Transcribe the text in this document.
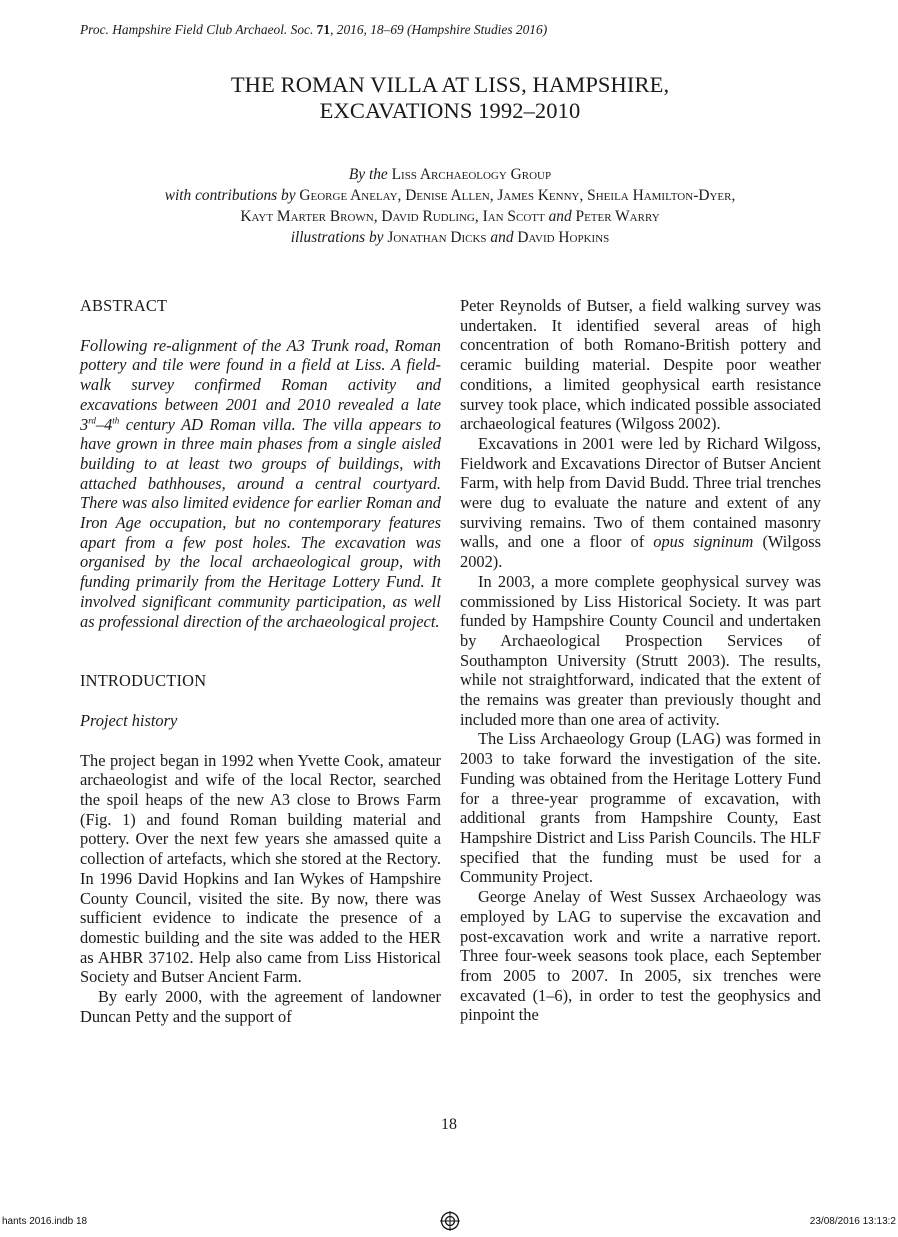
Proc. Hampshire Field Club Archaeol. Soc. 71, 2016, 18–69 (Hampshire Studies 2016)
THE ROMAN VILLA AT LISS, HAMPSHIRE,
EXCAVATIONS 1992–2010
By the Liss Archaeology Group
with contributions by George Anelay, Denise Allen, James Kenny, Sheila Hamilton-Dyer,
Kayt Marter Brown, David Rudling, Ian Scott and Peter Warry
illustrations by Jonathan Dicks and David Hopkins

ABSTRACT

Following re-alignment of the A3 Trunk road, Roman pottery and tile were found in a field at Liss. A field-walk survey confirmed Roman activity and excavations between 2001 and 2010 revealed a late 3rd–4th century AD Roman villa. The villa appears to have grown in three main phases from a single aisled building to at least two groups of buildings, with attached bathhouses, around a central courtyard. There was also limited evidence for earlier Roman and Iron Age occupation, but no contemporary features apart from a few post holes. The excavation was organised by the local archaeological group, with funding primarily from the Heritage Lottery Fund. It involved significant community participation, as well as professional direction of the archaeological project.

INTRODUCTION

Project history

The project began in 1992 when Yvette Cook, amateur archaeologist and wife of the local Rector, searched the spoil heaps of the new A3 close to Brows Farm (Fig. 1) and found Roman building material and pottery. Over the next few years she amassed quite a collection of artefacts, which she stored at the Rectory. In 1996 David Hopkins and Ian Wykes of Hampshire County Council, visited the site. By now, there was sufficient evidence to indicate the presence of a domestic building and the site was added to the HER as AHBR 37102. Help also came from Liss Historical Society and Butser Ancient Farm.

By early 2000, with the agreement of landowner Duncan Petty and the support of

Peter Reynolds of Butser, a field walking survey was undertaken. It identified several areas of high concentration of both Romano-British pottery and ceramic building material. Despite poor weather conditions, a limited geophysical earth resistance survey took place, which indicated possible associated archaeological features (Wilgoss 2002).

Excavations in 2001 were led by Richard Wilgoss, Fieldwork and Excavations Director of Butser Ancient Farm, with help from David Budd. Three trial trenches were dug to evaluate the nature and extent of any surviving remains. Two of them contained masonry walls, and one a floor of opus signinum (Wilgoss 2002).

In 2003, a more complete geophysical survey was commissioned by Liss Historical Society. It was part funded by Hampshire County Council and undertaken by Archaeological Prospection Services of Southampton University (Strutt 2003). The results, while not straightforward, indicated that the extent of the remains was greater than previously thought and included more than one area of activity.

The Liss Archaeology Group (LAG) was formed in 2003 to take forward the investigation of the site. Funding was obtained from the Heritage Lottery Fund for a three-year programme of excavation, with additional grants from Hampshire County, East Hampshire District and Liss Parish Councils. The HLF specified that the funding must be used for a Community Project.

George Anelay of West Sussex Archaeology was employed by LAG to supervise the excavation and post-excavation work and write a narrative report. Three four-week seasons took place, each September from 2005 to 2007. In 2005, six trenches were excavated (1–6), in order to test the geophysics and pinpoint the

18
hants 2016.indb 18	23/08/2016 13:13:2
